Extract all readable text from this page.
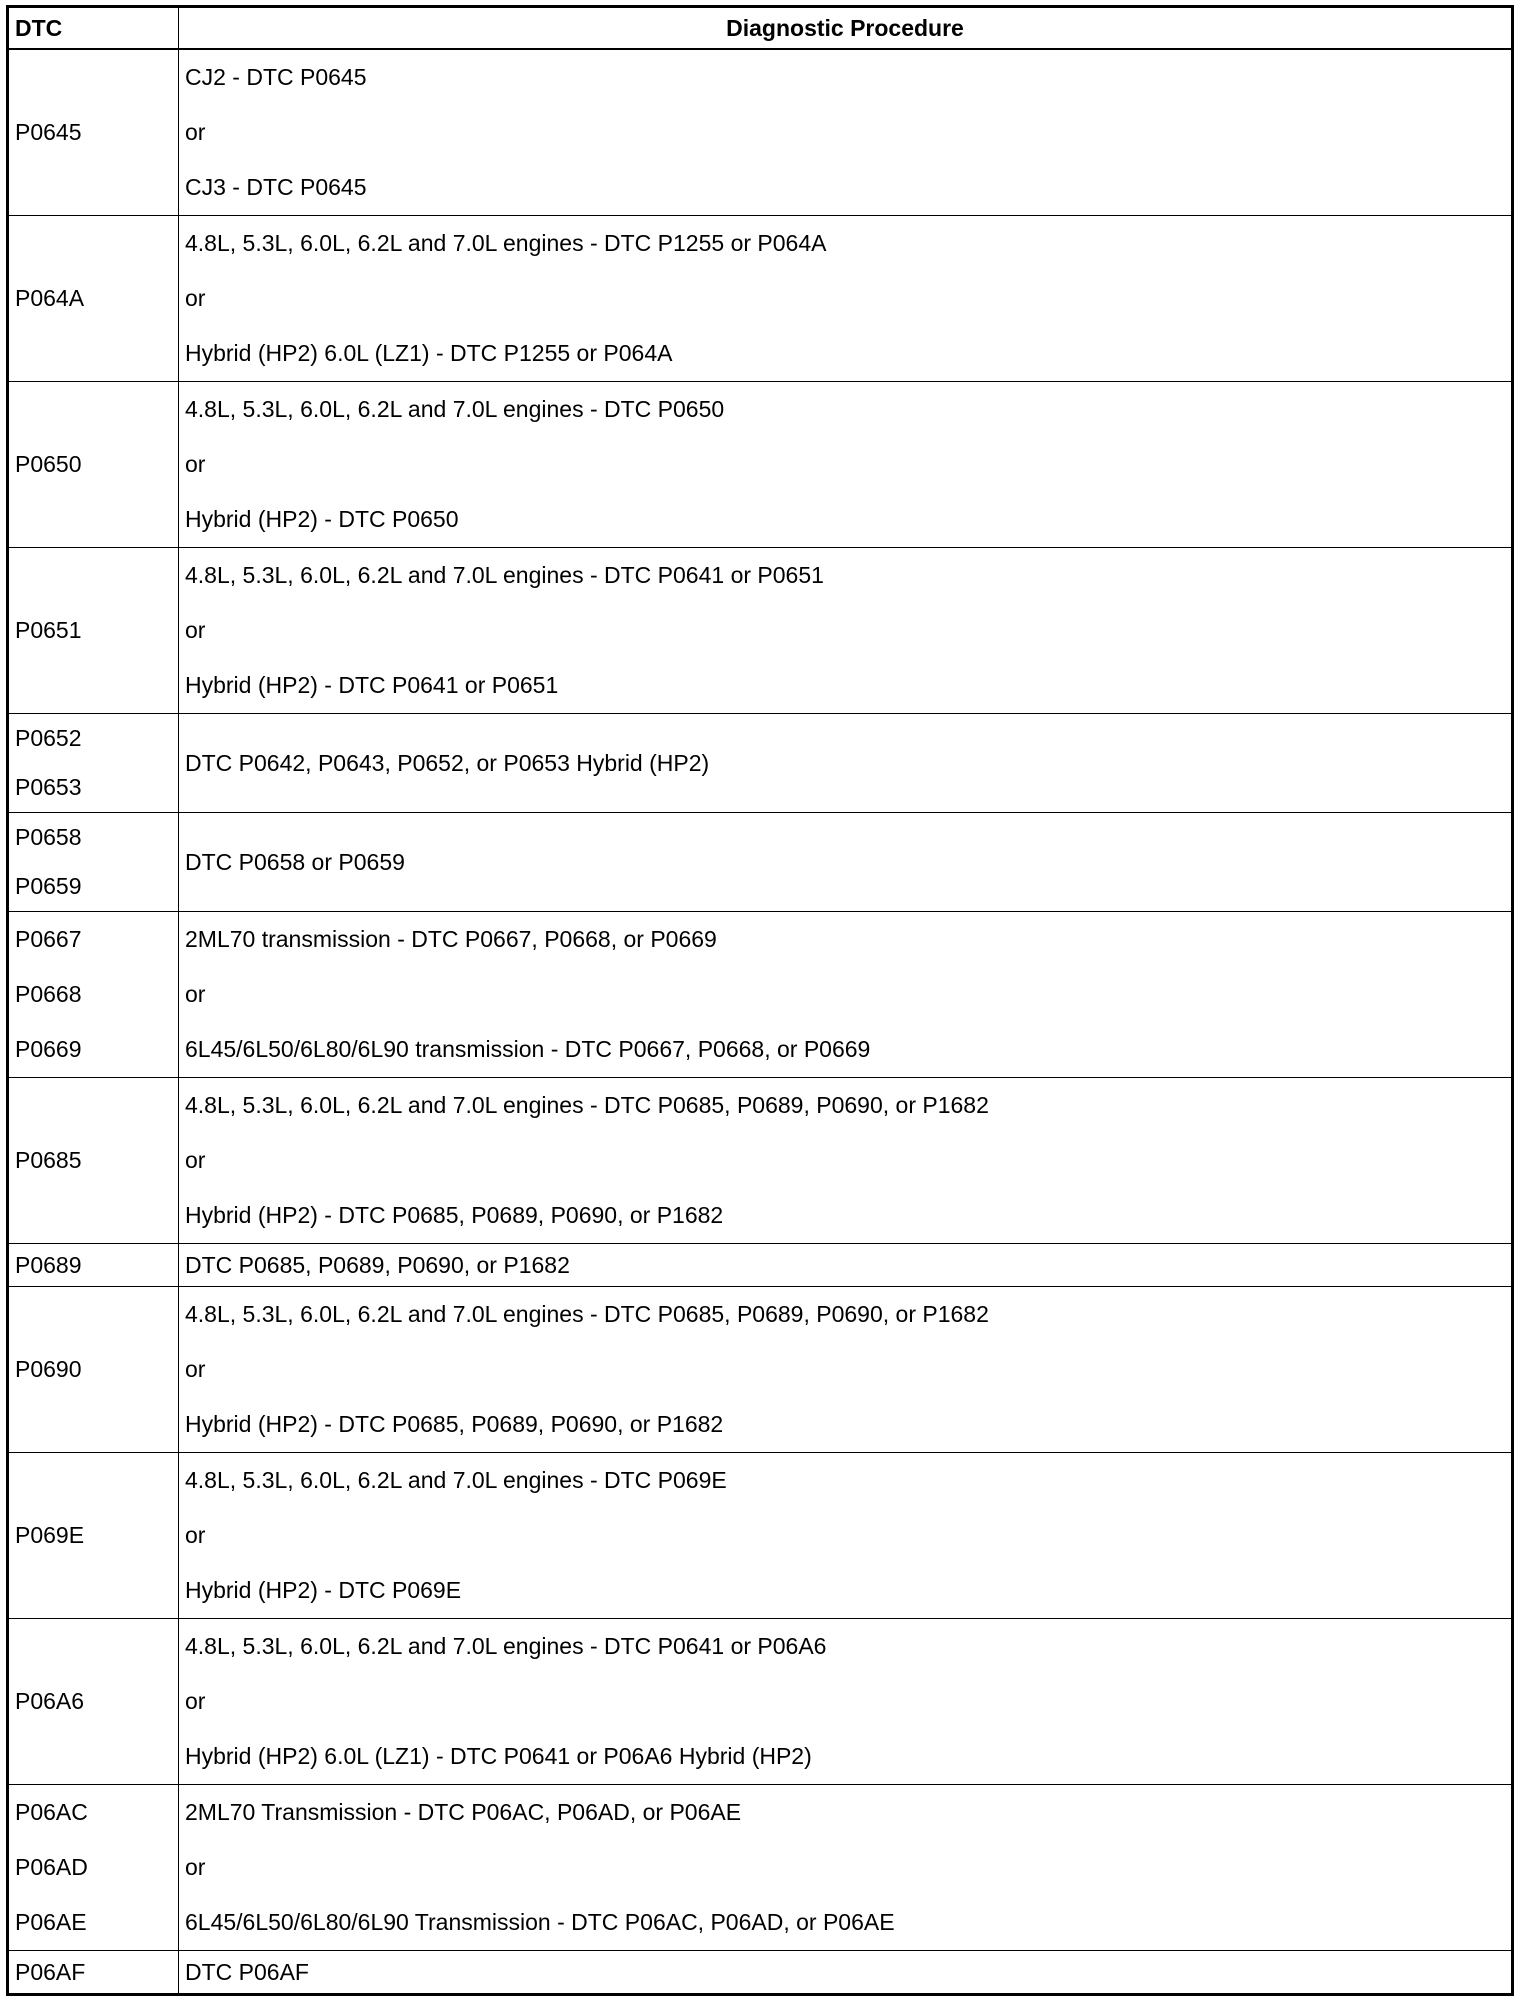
DTC	Diagnostic Procedure

P0645	CJ2 - DTC P0645
or
CJ3 - DTC P0645

P064A	4.8L, 5.3L, 6.0L, 6.2L and 7.0L engines - DTC P1255 or P064A
or
Hybrid (HP2) 6.0L (LZ1) - DTC P1255 or P064A

P0650	4.8L, 5.3L, 6.0L, 6.2L and 7.0L engines - DTC P0650
or
Hybrid (HP2) - DTC P0650

P0651	4.8L, 5.3L, 6.0L, 6.2L and 7.0L engines - DTC P0641 or P0651
or
Hybrid (HP2) - DTC P0641 or P0651

P0652
P0653	DTC P0642, P0643, P0652, or P0653 Hybrid (HP2)

P0658
P0659	DTC P0658 or P0659

P0667
P0668
P0669	2ML70 transmission - DTC P0667, P0668, or P0669
or
6L45/6L50/6L80/6L90 transmission - DTC P0667, P0668, or P0669

P0685	4.8L, 5.3L, 6.0L, 6.2L and 7.0L engines - DTC P0685, P0689, P0690, or P1682
or
Hybrid (HP2) - DTC P0685, P0689, P0690, or P1682

P0689	DTC P0685, P0689, P0690, or P1682

P0690	4.8L, 5.3L, 6.0L, 6.2L and 7.0L engines - DTC P0685, P0689, P0690, or P1682
or
Hybrid (HP2) - DTC P0685, P0689, P0690, or P1682

P069E	4.8L, 5.3L, 6.0L, 6.2L and 7.0L engines - DTC P069E
or
Hybrid (HP2) - DTC P069E

P06A6	4.8L, 5.3L, 6.0L, 6.2L and 7.0L engines - DTC P0641 or P06A6
or
Hybrid (HP2) 6.0L (LZ1) - DTC P0641 or P06A6 Hybrid (HP2)

P06AC
P06AD
P06AE	2ML70 Transmission - DTC P06AC, P06AD, or P06AE
or
6L45/6L50/6L80/6L90 Transmission - DTC P06AC, P06AD, or P06AE

P06AF	DTC P06AF
